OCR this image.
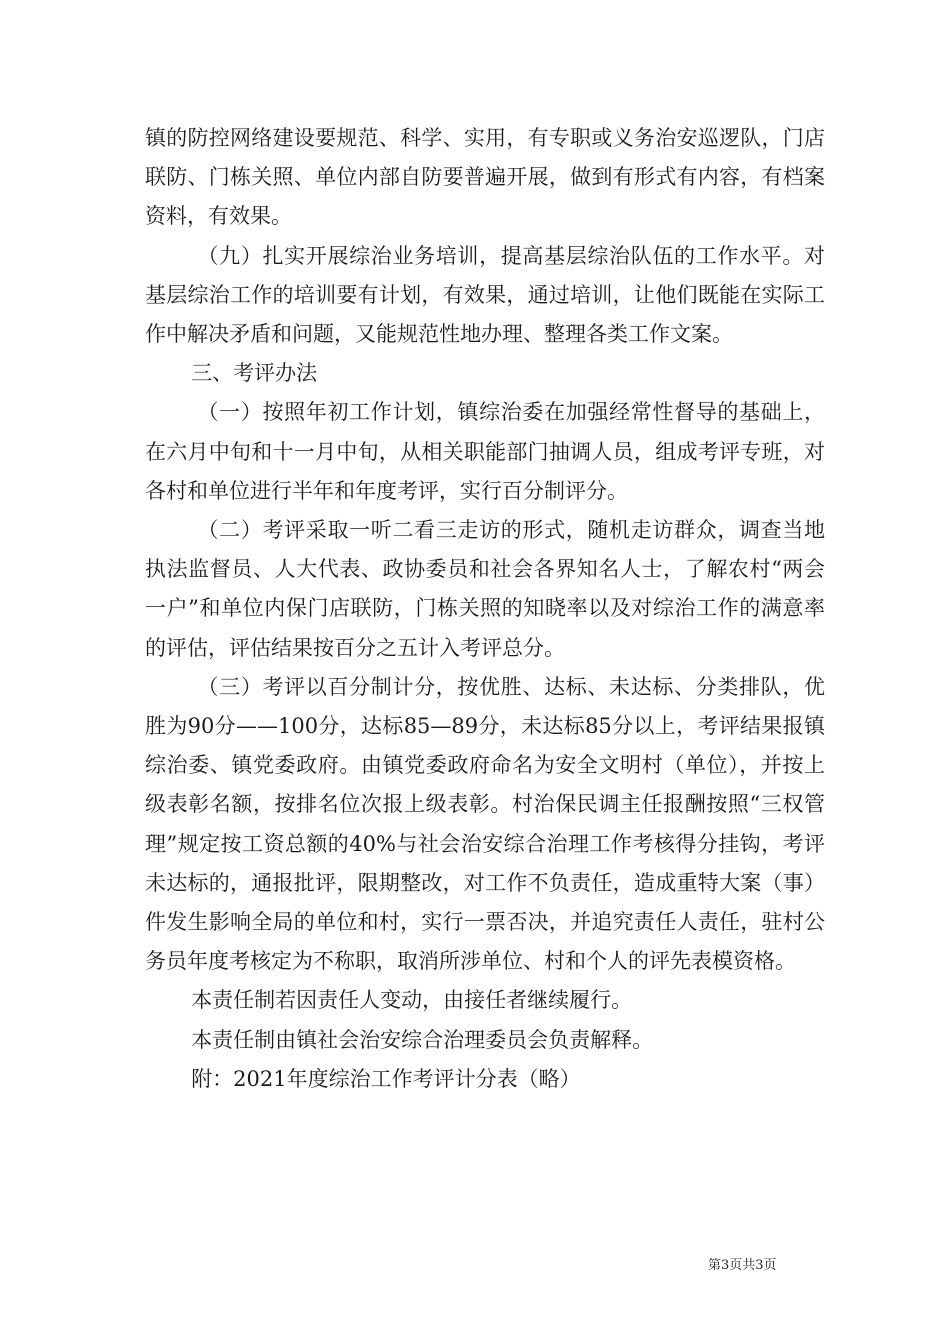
镇的防控网络建设要规范、科学、实用，有专职或义务治安巡逻队，门店联防、门栋关照、单位内部自防要普遍开展，做到有形式有内容，有档案资料，有效果。

（九）扎实开展综治业务培训，提高基层综治队伍的工作水平。对基层综治工作的培训要有计划，有效果，通过培训，让他们既能在实际工作中解决矛盾和问题，又能规范性地办理、整理各类工作文案。

三、考评办法

（一）按照年初工作计划，镇综治委在加强经常性督导的基础上，在六月中旬和十一月中旬，从相关职能部门抽调人员，组成考评专班，对各村和单位进行半年和年度考评，实行百分制评分。

（二）考评采取一听二看三走访的形式，随机走访群众，调查当地执法监督员、人大代表、政协委员和社会各界知名人士，了解农村“两会一户”和单位内保门店联防，门栋关照的知晓率以及对综治工作的满意率的评估，评估结果按百分之五计入考评总分。

（三）考评以百分制计分，按优胜、达标、未达标、分类排队，优胜为90分——100分，达标85—89分，未达标85分以上，考评结果报镇综治委、镇党委政府。由镇党委政府命名为安全文明村（单位），并按上级表彰名额，按排名位次报上级表彰。村治保民调主任报酬按照“三权管理”规定按工资总额的40%与社会治安综合治理工作考核得分挂钩，考评未达标的，通报批评，限期整改，对工作不负责任，造成重特大案（事）件发生影响全局的单位和村，实行一票否决，并追究责任人责任，驻村公务员年度考核定为不称职，取消所涉单位、村和个人的评先表模资格。

本责任制若因责任人变动，由接任者继续履行。

本责任制由镇社会治安综合治理委员会负责解释。

附：2021年度综治工作考评计分表（略）

第3页共3页
